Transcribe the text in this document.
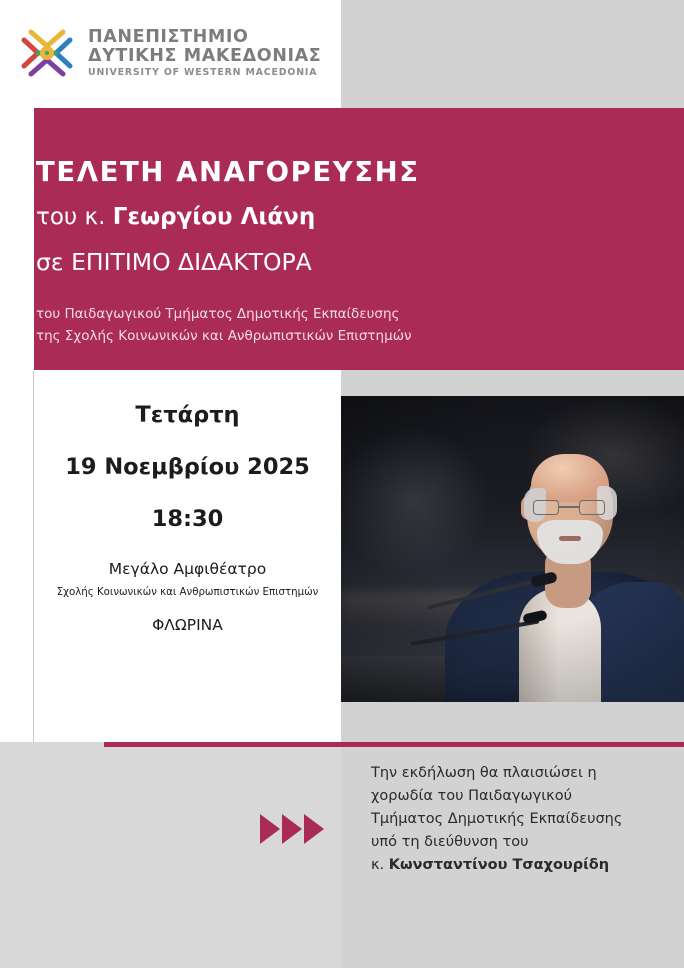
ΠΑΝΕΠΙΣΤΗΜΙΟ
ΔΥΤΙΚΗΣ ΜΑΚΕΔΟΝΙΑΣ
UNIVERSITY OF WESTERN MACEDONIA
ΤΕΛΕΤΗ ΑΝΑΓΟΡΕΥΣΗΣ
του κ. Γεωργίου Λιάνη
σε ΕΠΙΤΙΜΟ ΔΙΔΑΚΤΟΡΑ
του Παιδαγωγικού Τμήματος Δημοτικής Εκπαίδευσης
της Σχολής Κοινωνικών και Ανθρωπιστικών Επιστημών

Τετάρτη

19 Νοεμβρίου 2025

18:30

Μεγάλο Αμφιθέατρο

Σχολής Κοινωνικών και Ανθρωπιστικών Επιστημών

ΦΛΩΡΙΝΑ

Την εκδήλωση θα πλαισιώσει η

χορωδία του Παιδαγωγικού

Τμήματος Δημοτικής Εκπαίδευσης

υπό τη διεύθυνση του

κ. Κωνσταντίνου Τσαχουρίδη
